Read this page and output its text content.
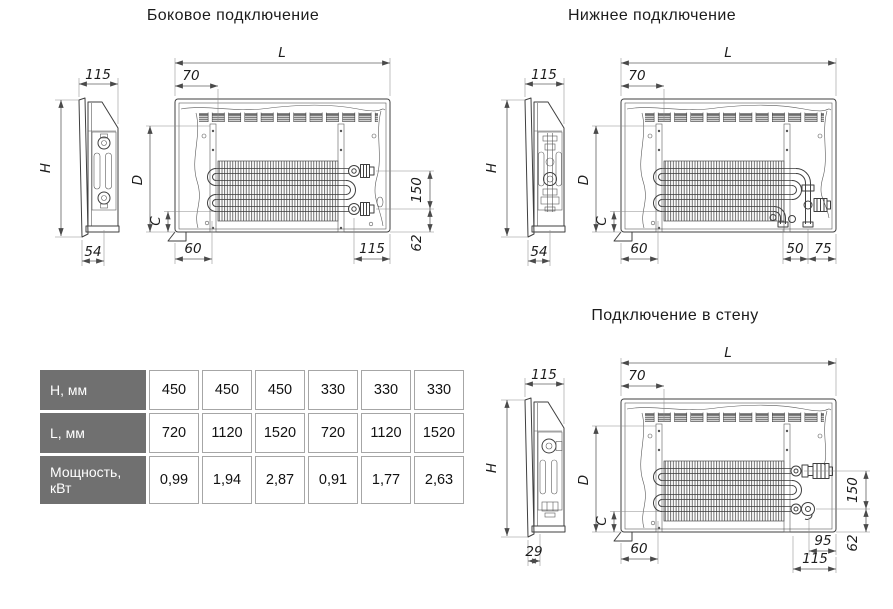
Боковое подключение
115
H
54
L
70
D
C
60	115
150
62
Нижнее подключение
115
H
54
L
70
D
C
60	50 75
Подключение в стену
115
H
29
L
70
D
C
60
150
62
95
115
H, мм	450	450	450	330	330	330
L, мм	720	1120	1520	720	1120	1520
Мощность, кВт	0,99	1,94	2,87	0,91	1,77	2,63
